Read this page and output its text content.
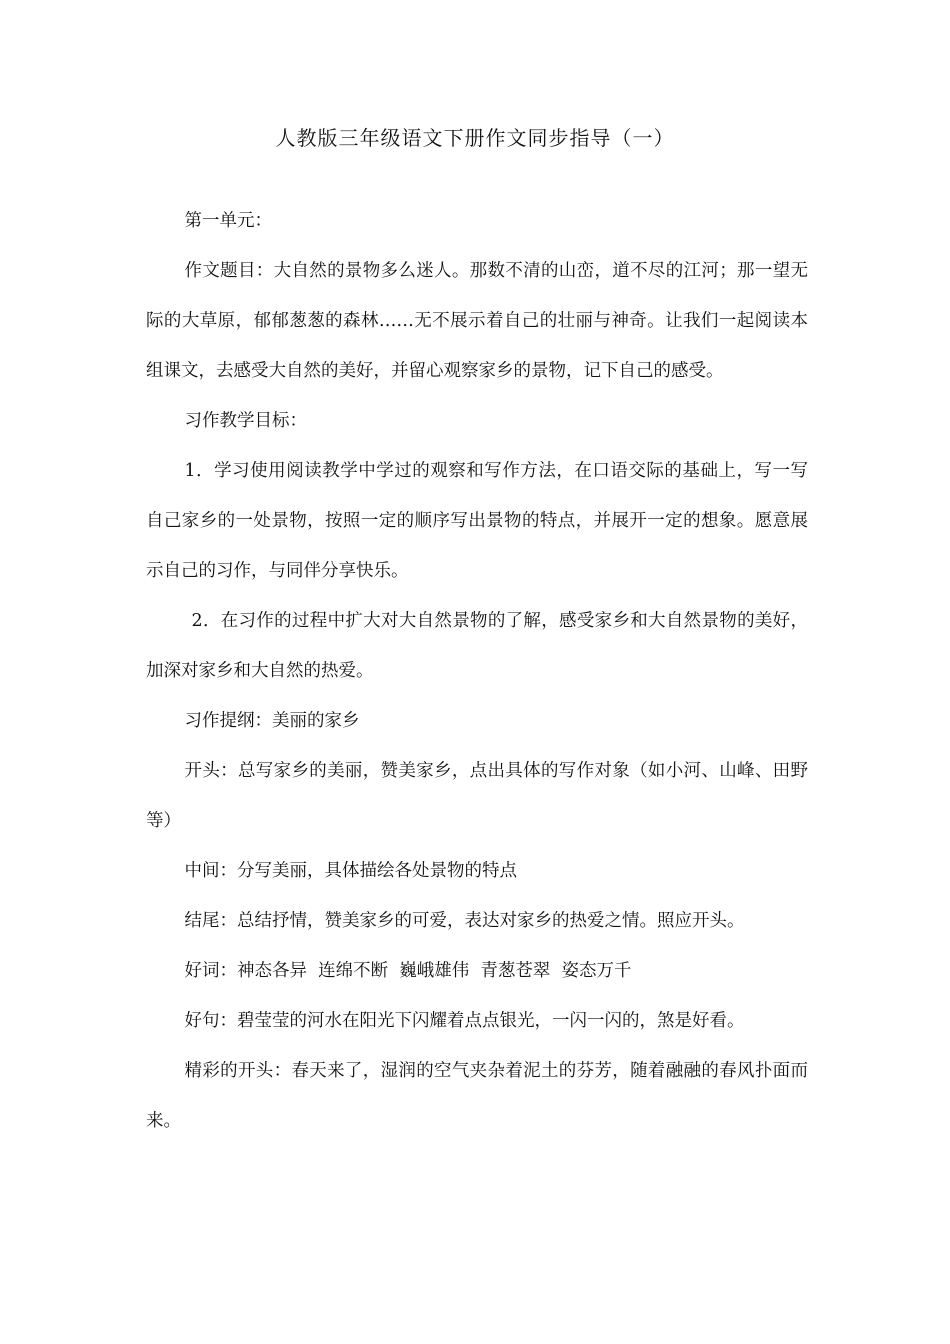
人教版三年级语文下册作文同步指导（一）

第一单元：

作文题目：大自然的景物多么迷人。那数不清的山峦，道不尽的江河；那一望无际的大草原，郁郁葱葱的森林……无不展示着自己的壮丽与神奇。让我们一起阅读本组课文，去感受大自然的美好，并留心观察家乡的景物，记下自己的感受。

习作教学目标：

1．学习使用阅读教学中学过的观察和写作方法，在口语交际的基础上，写一写自己家乡的一处景物，按照一定的顺序写出景物的特点，并展开一定的想象。愿意展示自己的习作，与同伴分享快乐。

2．在习作的过程中扩大对大自然景物的了解，感受家乡和大自然景物的美好，加深对家乡和大自然的热爱。

习作提纲：美丽的家乡

开头：总写家乡的美丽，赞美家乡，点出具体的写作对象（如小河、山峰、田野等）

中间：分写美丽，具体描绘各处景物的特点

结尾：总结抒情，赞美家乡的可爱，表达对家乡的热爱之情。照应开头。

好词：神态各异  连绵不断  巍峨雄伟  青葱苍翠  姿态万千

好句：碧莹莹的河水在阳光下闪耀着点点银光，一闪一闪的，煞是好看。

精彩的开头：春天来了，湿润的空气夹杂着泥土的芬芳，随着融融的春风扑面而来。
